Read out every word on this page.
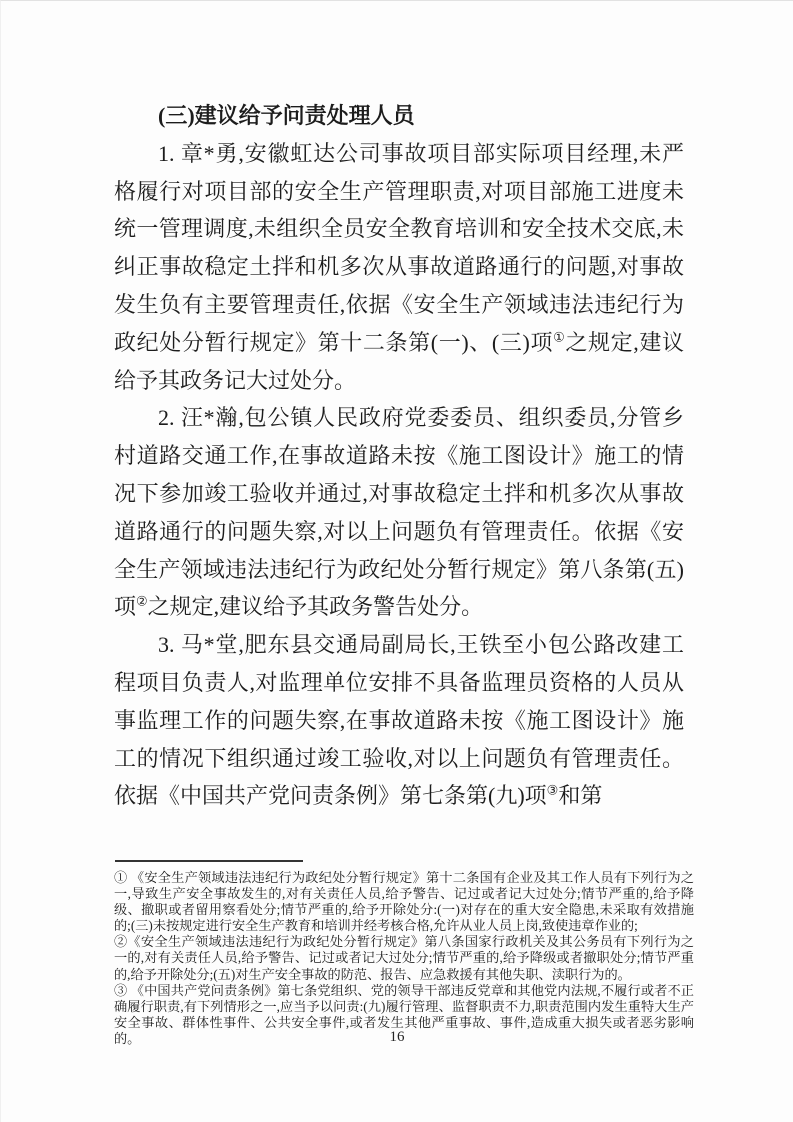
(三)建议给予问责处理人员

1. 章*勇,安徽虹达公司事故项目部实际项目经理,未严格履行对项目部的安全生产管理职责,对项目部施工进度未统一管理调度,未组织全员安全教育培训和安全技术交底,未纠正事故稳定土拌和机多次从事故道路通行的问题,对事故发生负有主要管理责任,依据《安全生产领域违法违纪行为政纪处分暂行规定》第十二条第(一)、(三)项①之规定,建议给予其政务记大过处分。

2. 汪*瀚,包公镇人民政府党委委员、组织委员,分管乡村道路交通工作,在事故道路未按《施工图设计》施工的情况下参加竣工验收并通过,对事故稳定土拌和机多次从事故道路通行的问题失察,对以上问题负有管理责任。依据《安全生产领域违法违纪行为政纪处分暂行规定》第八条第(五)项②之规定,建议给予其政务警告处分。

3. 马*堂,肥东县交通局副局长,王铁至小包公路改建工程项目负责人,对监理单位安排不具备监理员资格的人员从事监理工作的问题失察,在事故道路未按《施工图设计》施工的情况下组织通过竣工验收,对以上问题负有管理责任。依据《中国共产党问责条例》第七条第(九)项③和第

① 《安全生产领域违法违纪行为政纪处分暂行规定》第十二条国有企业及其工作人员有下列行为之一,导致生产安全事故发生的,对有关责任人员,给予警告、记过或者记大过处分;情节严重的,给予降级、撤职或者留用察看处分;情节严重的,给予开除处分:(一)对存在的重大安全隐患,未采取有效措施的;(三)未按规定进行安全生产教育和培训并经考核合格,允许从业人员上岗,致使违章作业的;
②《安全生产领域违法违纪行为政纪处分暂行规定》第八条国家行政机关及其公务员有下列行为之一的,对有关责任人员,给予警告、记过或者记大过处分;情节严重的,给予降级或者撤职处分;情节严重的,给予开除处分;(五)对生产安全事故的防范、报告、应急救援有其他失职、渎职行为的。
③ 《中国共产党问责条例》第七条党组织、党的领导干部违反党章和其他党内法规,不履行或者不正确履行职责,有下列情形之一,应当予以问责:(九)履行管理、监督职责不力,职责范围内发生重特大生产安全事故、群体性事件、公共安全事件,或者发生其他严重事故、事件,造成重大损失或者恶劣影响的。	16
